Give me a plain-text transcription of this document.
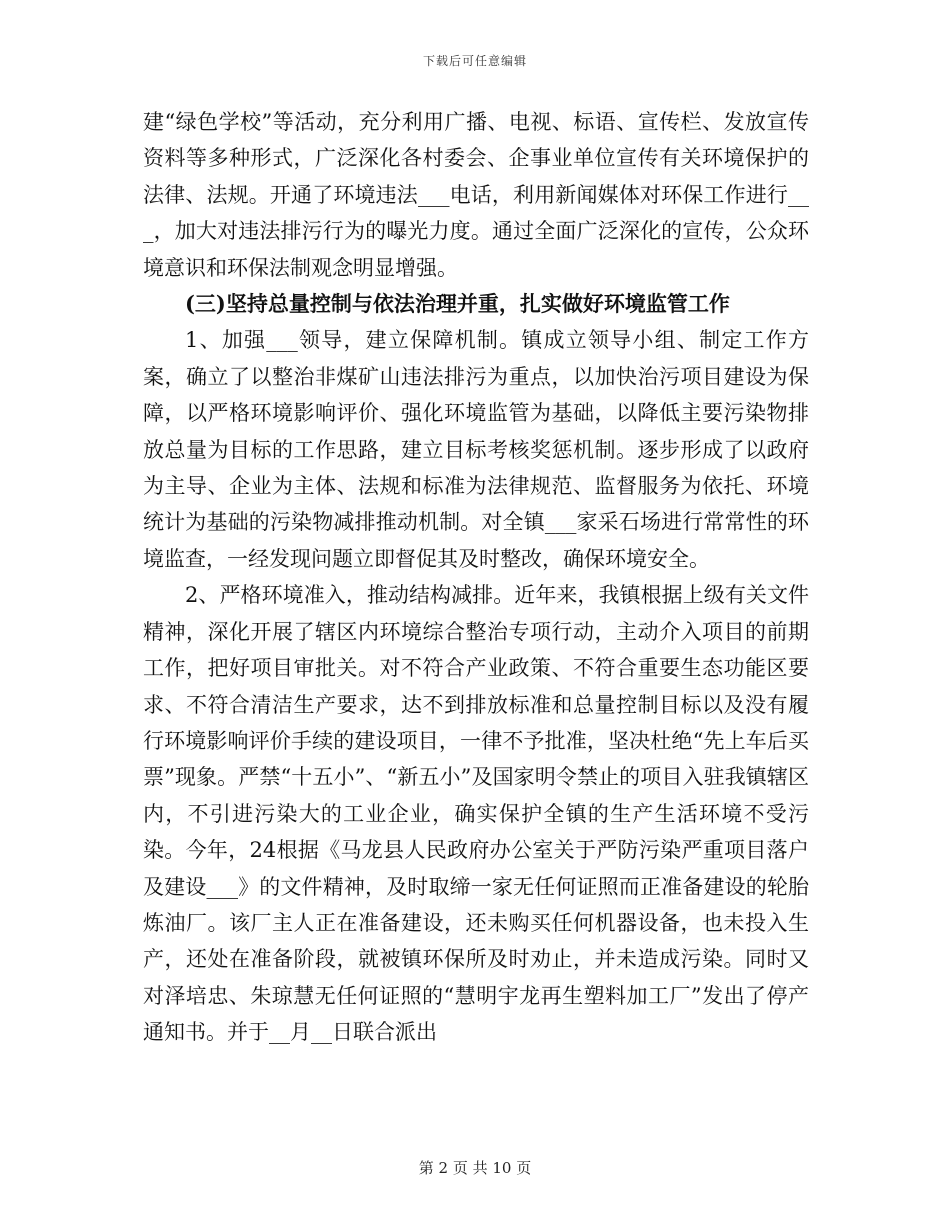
下载后可任意编辑

建“绿色学校”等活动，充分利用广播、电视、标语、宣传栏、发放宣传资料等多种形式，广泛深化各村委会、企事业单位宣传有关环境保护的法律、法规。开通了环境违法___电话，利用新闻媒体对环保工作进行___，加大对违法排污行为的曝光力度。通过全面广泛深化的宣传，公众环境意识和环保法制观念明显增强。

(三)坚持总量控制与依法治理并重，扎实做好环境监管工作

1、加强___领导，建立保障机制。镇成立领导小组、制定工作方案，确立了以整治非煤矿山违法排污为重点，以加快治污项目建设为保障，以严格环境影响评价、强化环境监管为基础，以降低主要污染物排放总量为目标的工作思路，建立目标考核奖惩机制。逐步形成了以政府为主导、企业为主体、法规和标准为法律规范、监督服务为依托、环境统计为基础的污染物减排推动机制。对全镇___家采石场进行常常性的环境监查，一经发现问题立即督促其及时整改，确保环境安全。

2、严格环境准入，推动结构减排。近年来，我镇根据上级有关文件精神，深化开展了辖区内环境综合整治专项行动，主动介入项目的前期工作，把好项目审批关。对不符合产业政策、不符合重要生态功能区要求、不符合清洁生产要求，达不到排放标准和总量控制目标以及没有履行环境影响评价手续的建设项目，一律不予批准，坚决杜绝“先上车后买票”现象。严禁“十五小”、“新五小”及国家明令禁止的项目入驻我镇辖区内，不引进污染大的工业企业，确实保护全镇的生产生活环境不受污染。今年，24根据《马龙县人民政府办公室关于严防污染严重项目落户及建设___》的文件精神，及时取缔一家无任何证照而正准备建设的轮胎炼油厂。该厂主人正在准备建设，还未购买任何机器设备，也未投入生产，还处在准备阶段，就被镇环保所及时劝止，并未造成污染。同时又对泽培忠、朱琼慧无任何证照的“慧明宇龙再生塑料加工厂”发出了停产通知书。并于__月__日联合派出

第 2 页 共 10 页
